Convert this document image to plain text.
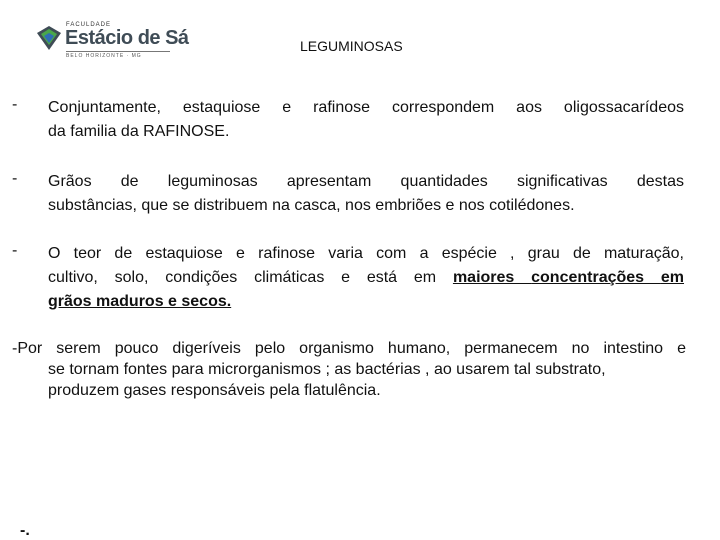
FACULDADE
Estácio de Sá
BELO HORIZONTE · MG
LEGUMINOSAS
- Conjuntamente, estaquiose e rafinose correspondem aos oligossacarídeos
da familia da RAFINOSE.
- Grãos de leguminosas apresentam quantidades significativas destas
substâncias, que se distribuem na casca, nos embriões e nos cotilédones.
- O teor de estaquiose e rafinose varia com a espécie , grau de maturação,
cultivo, solo, condições climáticas e está em maiores concentrações em
grãos maduros e secos.
-Por serem pouco digeríveis pelo organismo humano, permanecem no intestino e
se tornam fontes para microrganismos ; as bactérias , ao usarem tal substrato,
produzem gases responsáveis pela flatulência.
-.
